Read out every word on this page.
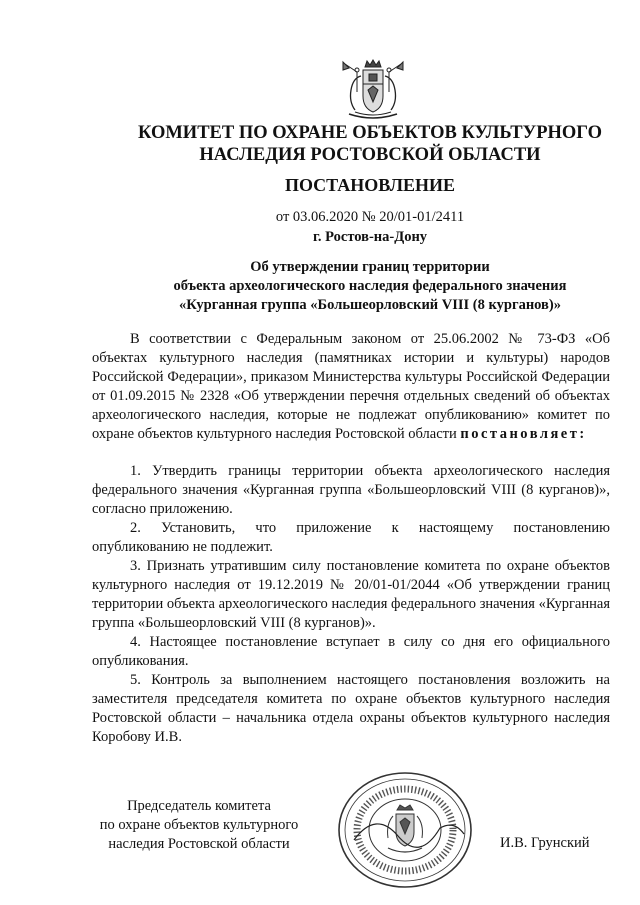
КОМИТЕТ ПО ОХРАНЕ ОБЪЕКТОВ КУЛЬТУРНОГО
НАСЛЕДИЯ РОСТОВСКОЙ ОБЛАСТИ
ПОСТАНОВЛЕНИЕ
от 03.06.2020 № 20/01-01/2411
г. Ростов-на-Дону
Об утверждении границ территории
объекта археологического наследия федерального значения
«Курганная группа «Большеорловский VIII (8 курганов)»

В соответствии с Федеральным законом от 25.06.2002 № 73-ФЗ «Об объектах культурного наследия (памятниках истории и культуры) народов Российской Федерации», приказом Министерства культуры Российской Федерации от 01.09.2015 № 2328 «Об утверждении перечня отдельных сведений об объектах археологического наследия, которые не подлежат опубликованию» комитет по охране объектов культурного наследия Ростовской области постановляет:

1. Утвердить границы территории объекта археологического наследия федерального значения «Курганная группа «Большеорловский VIII (8 курганов)», согласно приложению.

2. Установить, что приложение к настоящему постановлению опубликованию не подлежит.

3. Признать утратившим силу постановление комитета по охране объектов культурного наследия от 19.12.2019 № 20/01-01/2044 «Об утверждении границ территории объекта археологического наследия федерального значения «Курганная группа «Большеорловский VIII (8 курганов)».

4. Настоящее постановление вступает в силу со дня его официального опубликования.

5. Контроль за выполнением настоящего постановления возложить на заместителя председателя комитета по охране объектов культурного наследия Ростовской области – начальника отдела охраны объектов культурного наследия Коробову И.В.

Председатель комитета
по охране объектов культурного
наследия Ростовской области	И.В. Грунский
